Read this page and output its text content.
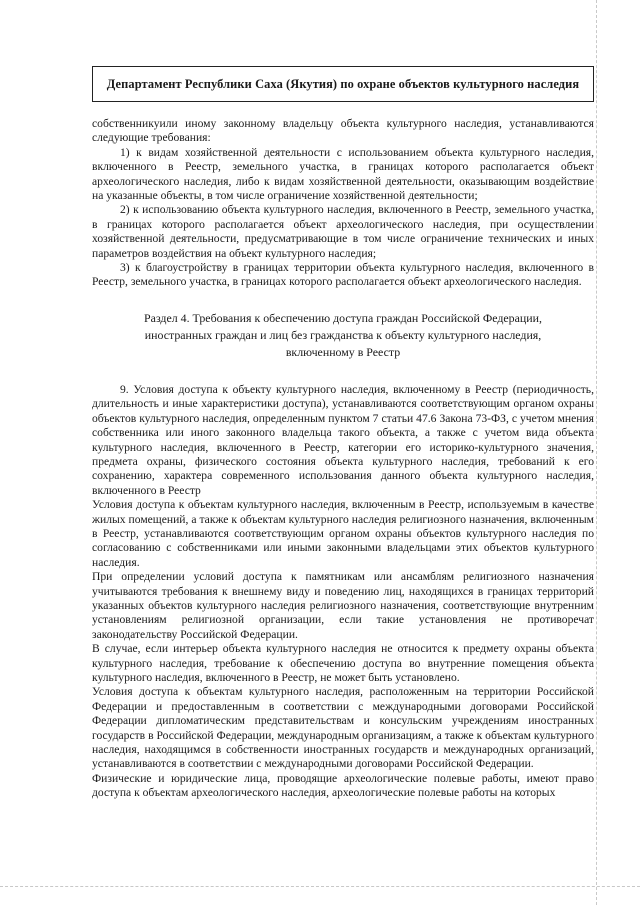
Департамент Республики Саха (Якутия) по охране объектов культурного наследия

собственникуили иному законному владельцу объекта культурного наследия, устанавливаются следующие требования:

1) к видам хозяйственной деятельности с использованием объекта культурного наследия, включенного в Реестр, земельного участка, в границах которого располагается объект археологического наследия, либо к видам хозяйственной деятельности, оказывающим воздействие на указанные объекты, в том числе ограничение хозяйственной деятельности;

2) к использованию объекта культурного наследия, включенного в Реестр, земельного участка, в границах которого располагается объект археологического наследия, при осуществлении хозяйственной деятельности, предусматривающие в том числе ограничение технических и иных параметров воздействия на объект культурного наследия;

3) к благоустройству в границах территории объекта культурного наследия, включенного в Реестр, земельного участка, в границах которого располагается объект археологического наследия.

Раздел 4. Требования к обеспечению доступа граждан Российской Федерации,
иностранных граждан и лиц без гражданства к объекту культурного наследия,
включенному в Реестр

9. Условия доступа к объекту культурного наследия, включенному в Реестр (периодичность, длительность и иные характеристики доступа), устанавливаются соответствующим органом охраны объектов культурного наследия, определенным пунктом 7 статьи 47.6 Закона 73-ФЗ, с учетом мнения собственника или иного законного владельца такого объекта, а также с учетом вида объекта культурного наследия, включенного в Реестр, категории его историко-культурного значения, предмета охраны, физического состояния объекта культурного наследия, требований к его сохранению, характера современного использования данного объекта культурного наследия, включенного в Реестр

Условия доступа к объектам культурного наследия, включенным в Реестр, используемым в качестве жилых помещений, а также к объектам культурного наследия религиозного назначения, включенным в Реестр, устанавливаются соответствующим органом охраны объектов культурного наследия по согласованию с собственниками или иными законными владельцами этих объектов культурного наследия.

При определении условий доступа к памятникам или ансамблям религиозного назначения учитываются требования к внешнему виду и поведению лиц, находящихся в границах территорий указанных объектов культурного наследия религиозного назначения, соответствующие внутренним установлениям религиозной организации, если такие установления не противоречат законодательству Российской Федерации.

В случае, если интерьер объекта культурного наследия не относится к предмету охраны объекта культурного наследия, требование к обеспечению доступа во внутренние помещения объекта культурного наследия, включенного в Реестр, не может быть установлено.

Условия доступа к объектам культурного наследия, расположенным на территории Российской Федерации и предоставленным в соответствии с международными договорами Российской Федерации дипломатическим представительствам и консульским учреждениям иностранных государств в Российской Федерации, международным организациям, а также к объектам культурного наследия, находящимся в собственности иностранных государств и международных организаций, устанавливаются в соответствии с международными договорами Российской Федерации.

Физические и юридические лица, проводящие археологические полевые работы, имеют право доступа к объектам археологического наследия, археологические полевые работы на которых
